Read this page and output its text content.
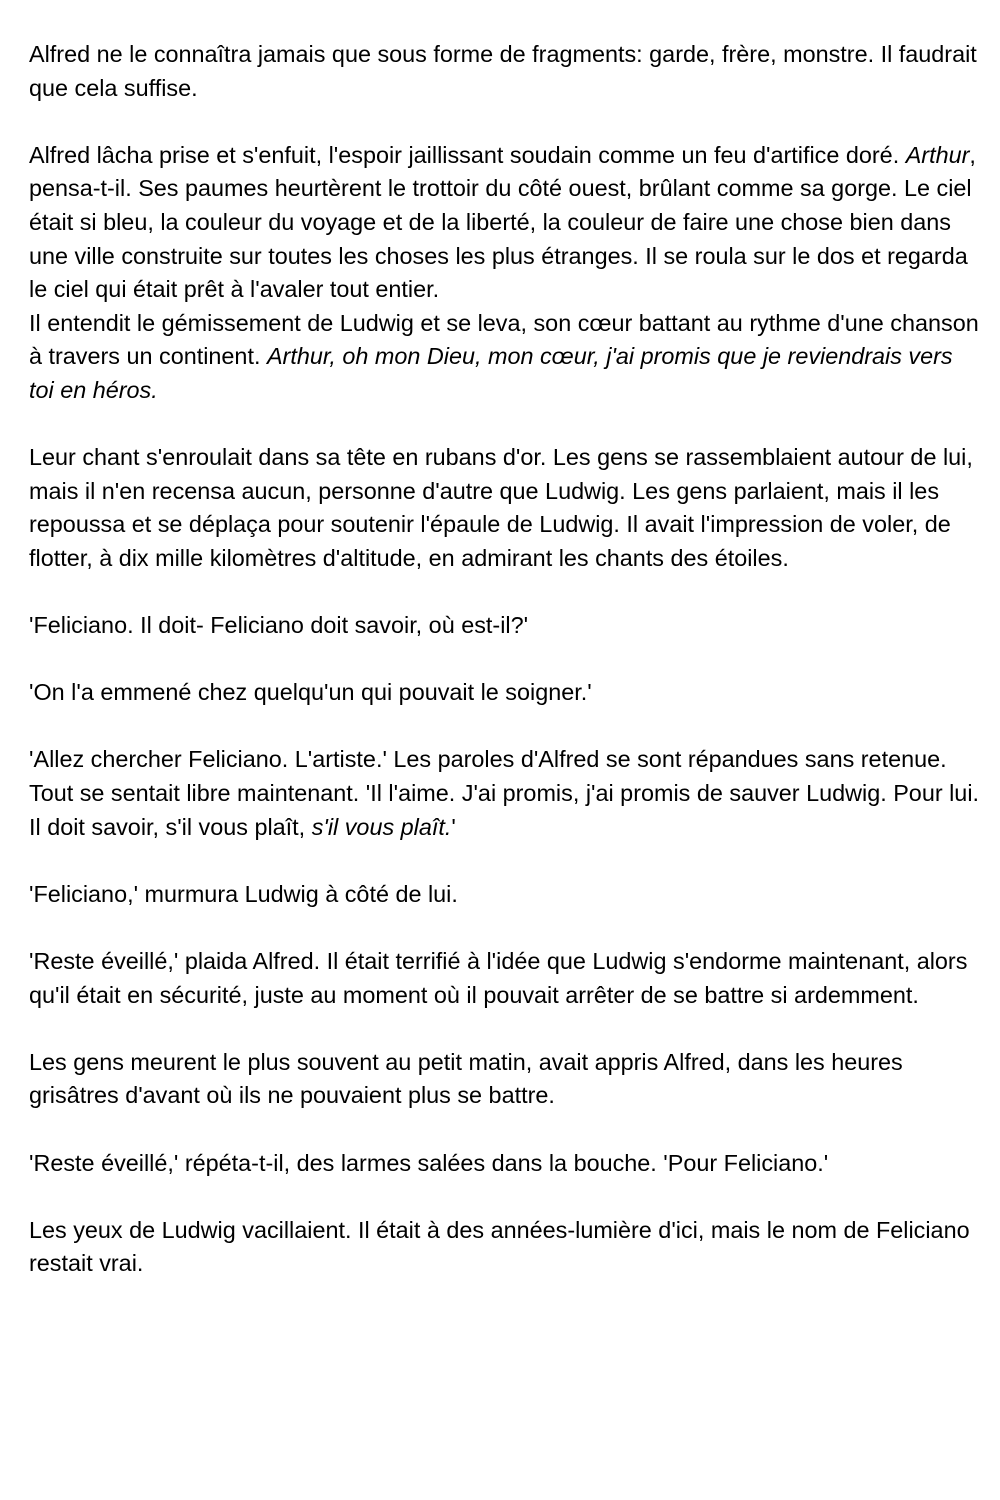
Alfred ne le connaîtra jamais que sous forme de fragments: garde, frère, monstre. Il faudrait que cela suffise.

Alfred lâcha prise et s'enfuit, l'espoir jaillissant soudain comme un feu d'artifice doré. Arthur, pensa-t-il. Ses paumes heurtèrent le trottoir du côté ouest, brûlant comme sa gorge. Le ciel était si bleu, la couleur du voyage et de la liberté, la couleur de faire une chose bien dans une ville construite sur toutes les choses les plus étranges. Il se roula sur le dos et regarda le ciel qui était prêt à l'avaler tout entier.

Il entendit le gémissement de Ludwig et se leva, son cœur battant au rythme d'une chanson à travers un continent. Arthur, oh mon Dieu, mon cœur, j'ai promis que je reviendrais vers toi en héros.

Leur chant s'enroulait dans sa tête en rubans d'or. Les gens se rassemblaient autour de lui, mais il n'en recensa aucun, personne d'autre que Ludwig. Les gens parlaient, mais il les repoussa et se déplaça pour soutenir l'épaule de Ludwig. Il avait l'impression de voler, de flotter, à dix mille kilomètres d'altitude, en admirant les chants des étoiles.

'Feliciano. Il doit- Feliciano doit savoir, où est-il?'

'On l'a emmené chez quelqu'un qui pouvait le soigner.'

'Allez chercher Feliciano. L'artiste.' Les paroles d'Alfred se sont répandues sans retenue. Tout se sentait libre maintenant. 'Il l'aime. J'ai promis, j'ai promis de sauver Ludwig. Pour lui. Il doit savoir, s'il vous plaît, s'il vous plaît.'

'Feliciano,' murmura Ludwig à côté de lui.

'Reste éveillé,' plaida Alfred. Il était terrifié à l'idée que Ludwig s'endorme maintenant, alors qu'il était en sécurité, juste au moment où il pouvait arrêter de se battre si ardemment.

Les gens meurent le plus souvent au petit matin, avait appris Alfred, dans les heures grisâtres d'avant où ils ne pouvaient plus se battre.

'Reste éveillé,' répéta-t-il, des larmes salées dans la bouche. 'Pour Feliciano.'

Les yeux de Ludwig vacillaient. Il était à des années-lumière d'ici, mais le nom de Feliciano restait vrai.
